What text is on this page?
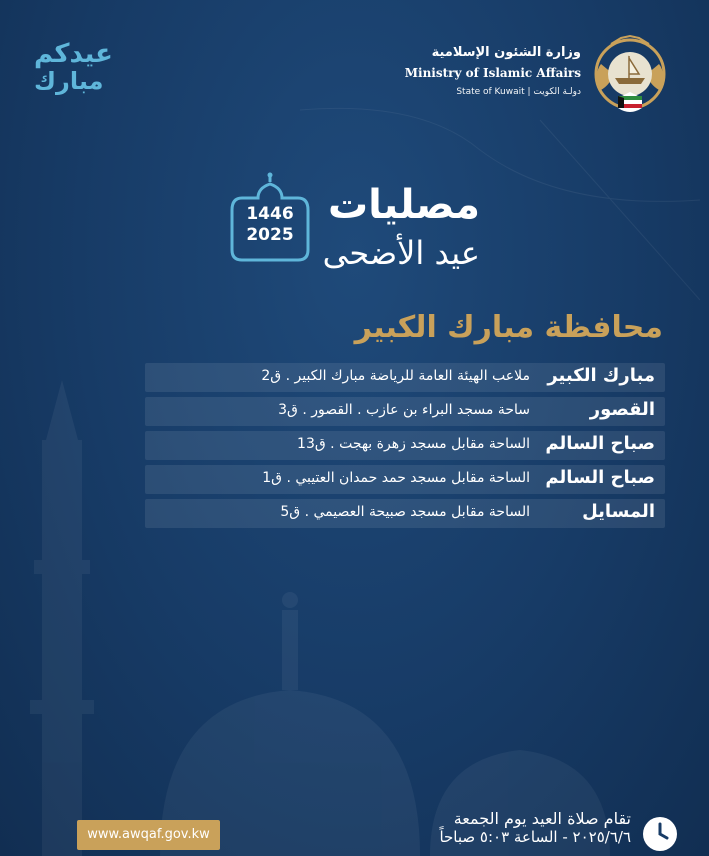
عيدكم
مبارك
وزارة الشئون الإسلامية
Ministry of Islamic Affairs
State of Kuwait | دولـة الكويت
1446
2025
مصليات
عيد الأضحى
محافظة مبارك الكبير
مبارك الكبير
ملاعب الهيئة العامة للرياضة مبارك الكبير . ق2
القصور
ساحة مسجد البراء بن عازب . القصور . ق3
صباح السالم
الساحة مقابل مسجد زهرة بهجت . ق13
صباح السالم
الساحة مقابل مسجد حمد حمدان العتيبي . ق1
المسايل
الساحة مقابل مسجد صبيحة العصيمي . ق5
www.awqaf.gov.kw
تقام صلاة العيد يوم الجمعة
٢٠٢٥/٦/٦ - الساعة ٥:٠٣ صباحاً
